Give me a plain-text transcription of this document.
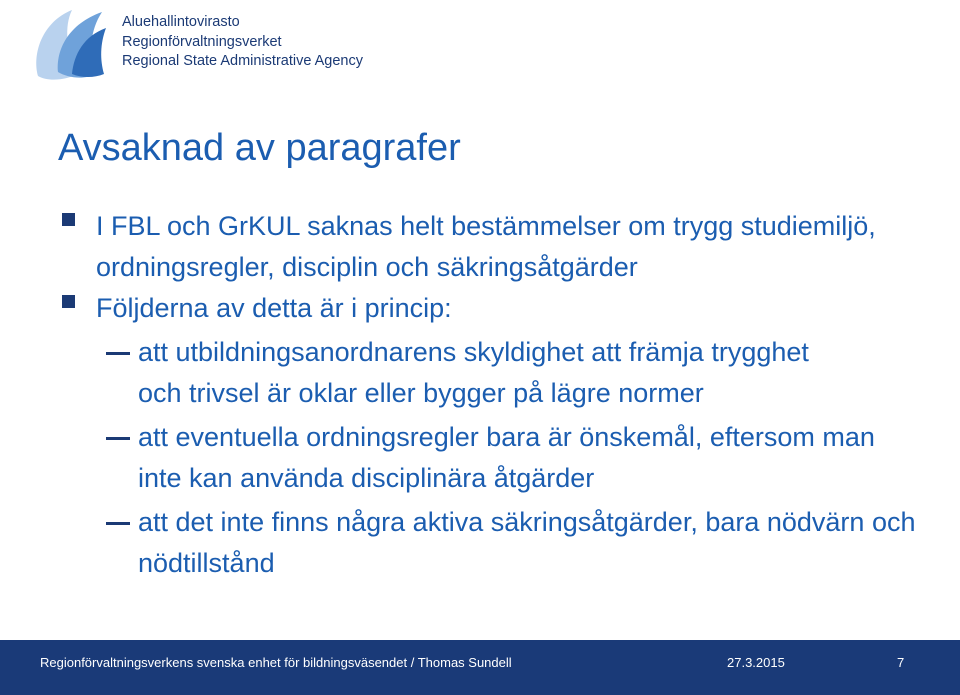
Aluehallintovirasto
Regionförvaltningsverket
Regional State Administrative Agency
Avsaknad av paragrafer
I FBL och GrKUL saknas helt bestämmelser om trygg studiemiljö, ordningsregler, disciplin och säkringsåtgärder
Följderna av detta är i princip:
att utbildningsanordnarens skyldighet att främja trygghet och trivsel är oklar eller bygger på lägre normer
att eventuella ordningsregler bara är önskemål, eftersom man inte kan använda disciplinära åtgärder
att det inte finns några aktiva säkringsåtgärder, bara nödvärn och nödtillstånd
Regionförvaltningsverkens svenska enhet för bildningsväsendet / Thomas Sundell	27.3.2015	7
